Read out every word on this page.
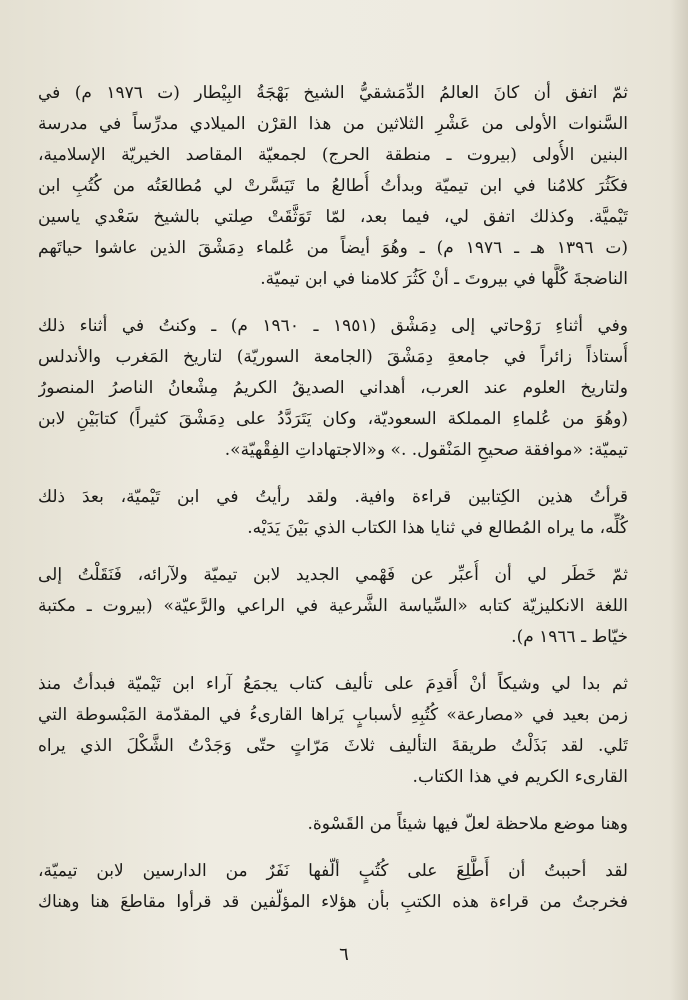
ثمّ اتفق أن كانَ العالمُ الدِّمَشقيُّ الشيخ بَهْجَةُ البِيْطار (ت ١٩٧٦ م) في
السَّنوات الأولى من عَشْرِ الثلاثين من هذا القرْن الميلادي مدرِّساً في مدرسة
البنين الأُولى (بيروت ـ منطقة الحرج) لجمعيّة المقاصد الخيريّة الإسلامية،
فكَثُرَ كلامُنا في ابن تيميّة وبدأتُ أُطالعُ ما تَيَسَّرتْ لي مُطالعَتُه من كُتُبِ ابن
تَيْميَّة. وكذلك اتفق لي، فيما بعد، لمّا تَوَثَّقَتْ صِلتي بالشيخ سَعْدي ياسين
(ت ١٣٩٦ هـ ـ ١٩٧٦ م) ـ وهُوَ أيضاً من عُلماء دِمَشْقَ الذين عاشوا حياتَهم
الناضجةَ كُلَّها في بيروتَ ـ أنْ كَثُرَ كلامنا في ابن تيميّة.
وفي أثناءِ رَوْحاتي إلى دِمَشْق (١٩٥١ ـ ١٩٦٠ م) ـ وكنتُ في أثناء ذلك
أُستاذاً زائراً في جامعةِ دِمَشْقَ (الجامعة السوريّة) لتاريخ المَغرب والأندلس
ولتاريخ العلوم عند العرب، أهداني الصديقُ الكريمُ مِشْعانُ الناصرُ المنصورُ
(وهُوَ من عُلماءِ المملكة السعوديّة، وكان يَتَرَدَّدُ على دِمَشْقَ كثيراً) كتابَيْنِ لابن
تيميّة: «موافقة صحيحِ المَنْقول. .» و«الاجتهاداتِ الفِقْهيّة».
قرأتُ هذين الكِتابين قراءة وافية. ولقد رأيتُ في ابن تَيْميّة، بعدَ ذلك
كُلِّه، ما يراه المُطالع في ثنايا هذا الكتاب الذي بَيْنَ يَدَيْه.
ثمّ خَطَر لي أن أُعبِّر عن فَهْمي الجديد لابن تيميّة ولآرائه، فَنَقَلْتُ إلى
اللغة الانكليزيّة كتابه «السِّياسة الشَّرعية في الراعي والرَّعيّة» (بيروت ـ مكتبة
خيّاط ـ ١٩٦٦ م).
ثم بدا لي وشيكاً أنْ أُقدِمَ على تأليف كتاب يجمَعُ آراء ابن تَيْميّة فبدأتُ منذ
زمن بعيد في «مصارعة» كُتُبِهِ لأسبابٍ يَراها القارىءُ في المقدّمة المَبْسوطة التي
تَلي. لقد بَذَلْتُ طريقةَ التأليف ثلاثَ مَرّاتٍ حتّى وَجَدْتُ الشَّكْلَ الذي يراه
القارىء الكريم في هذا الكتاب.
وهنا موضع ملاحظة لعلّ فيها شيئاً من القَسْوة.
لقد أحببتُ أن أَطَّلِعَ على كُتُبٍ ألّفها نَفَرٌ من الدارسين لابن تيميّة،
فخرجتُ من قراءة هذه الكتبِ بأن هؤلاء المؤلّفين قد قرأوا مقاطعَ هنا وهناك
٦
